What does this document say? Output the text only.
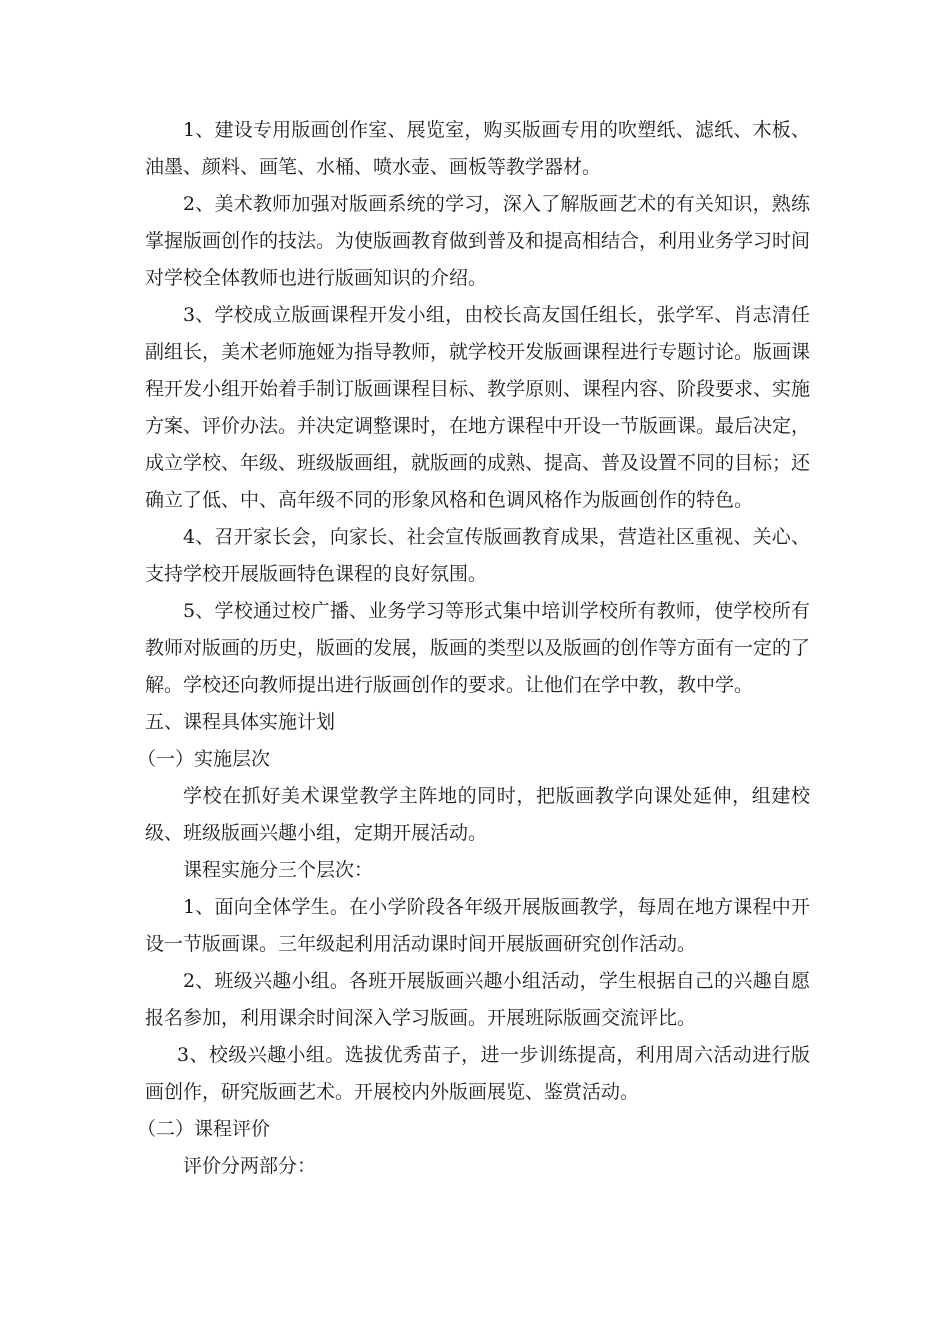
1、建设专用版画创作室、展览室，购买版画专用的吹塑纸、滤纸、木板、油墨、颜料、画笔、水桶、喷水壶、画板等教学器材。

2、美术教师加强对版画系统的学习，深入了解版画艺术的有关知识，熟练掌握版画创作的技法。为使版画教育做到普及和提高相结合，利用业务学习时间对学校全体教师也进行版画知识的介绍。

3、学校成立版画课程开发小组，由校长高友国任组长，张学军、肖志清任副组长，美术老师施娅为指导教师，就学校开发版画课程进行专题讨论。版画课程开发小组开始着手制订版画课程目标、教学原则、课程内容、阶段要求、实施方案、评价办法。并决定调整课时，在地方课程中开设一节版画课。最后决定，成立学校、年级、班级版画组，就版画的成熟、提高、普及设置不同的目标；还确立了低、中、高年级不同的形象风格和色调风格作为版画创作的特色。

4、召开家长会，向家长、社会宣传版画教育成果，营造社区重视、关心、支持学校开展版画特色课程的良好氛围。

5、学校通过校广播、业务学习等形式集中培训学校所有教师，使学校所有教师对版画的历史，版画的发展，版画的类型以及版画的创作等方面有一定的了解。学校还向教师提出进行版画创作的要求。让他们在学中教，教中学。

五、课程具体实施计划

（一）实施层次

学校在抓好美术课堂教学主阵地的同时，把版画教学向课处延伸，组建校级、班级版画兴趣小组，定期开展活动。

课程实施分三个层次：

1、面向全体学生。在小学阶段各年级开展版画教学，每周在地方课程中开设一节版画课。三年级起利用活动课时间开展版画研究创作活动。

2、班级兴趣小组。各班开展版画兴趣小组活动，学生根据自己的兴趣自愿报名参加，利用课余时间深入学习版画。开展班际版画交流评比。

3、校级兴趣小组。选拔优秀苗子，进一步训练提高，利用周六活动进行版画创作，研究版画艺术。开展校内外版画展览、鉴赏活动。

（二）课程评价

评价分两部分：
